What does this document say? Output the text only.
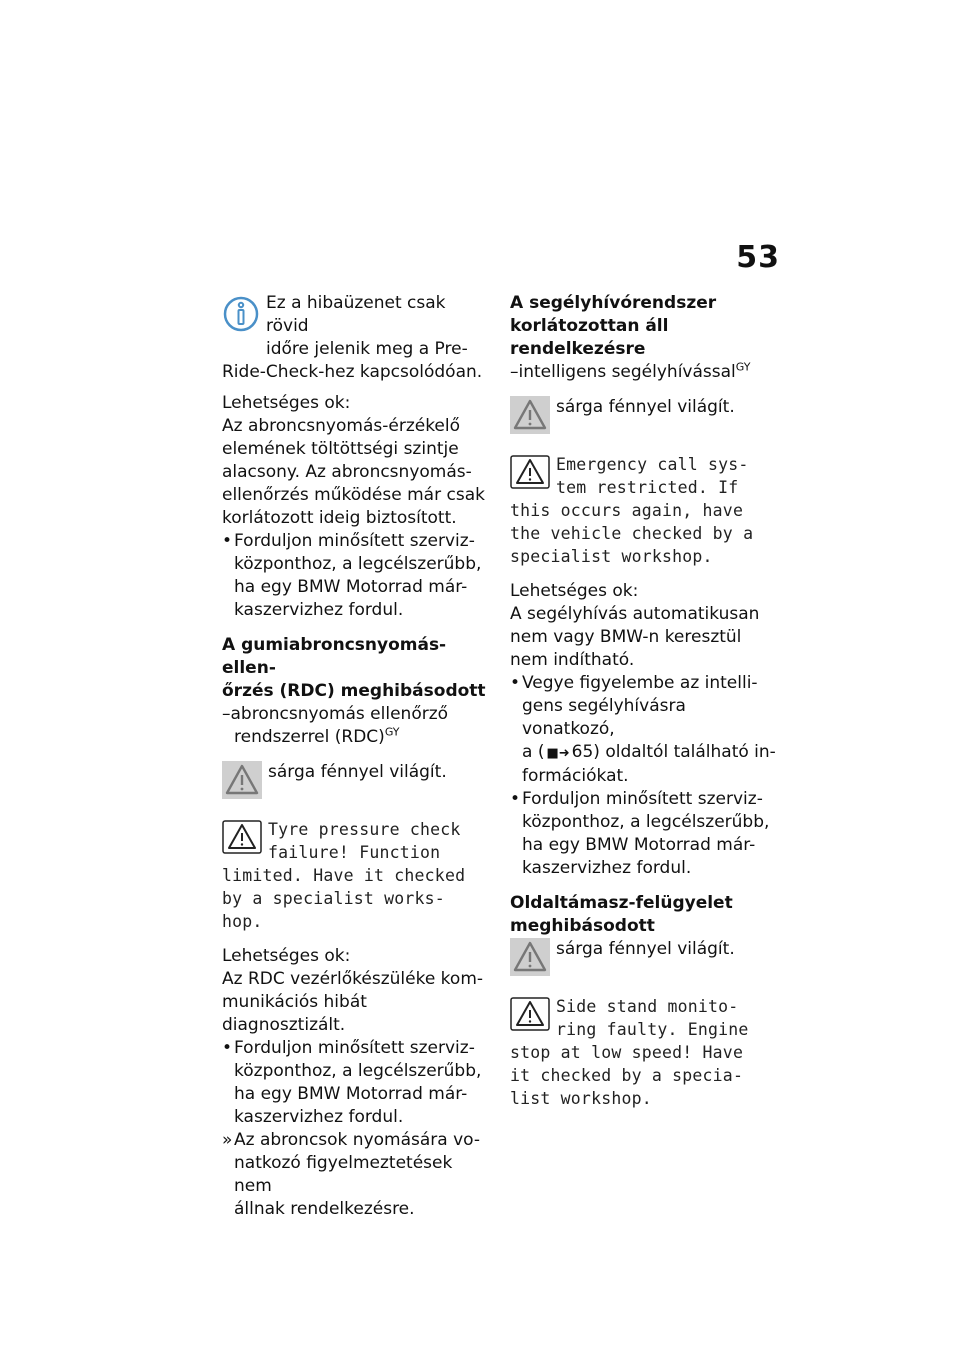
53

Ez a hibaüzenet csak rövid

időre jelenik meg a Pre-

Ride-Check-hez kapcsolódóan.

Lehetséges ok:

Az abroncsnyomás-érzékelő

elemének töltöttségi szintje

alacsony. Az abroncsnyomás-

ellenőrzés működése már csak

korlátozott ideig biztosított.

• Forduljon minősített szerviz-

központhoz, a legcélszerűbb,

ha egy BMW Motorrad már-

kaszervizhez fordul.

A gumiabroncsnyomás-ellen-

őrzés (RDC) meghibásodott

–abroncsnyomás ellenőrző

rendszerrel (RDC)$^{GY}$

sárga fénnyel világít.

Tyre pressure check

failure! Function

limited. Have it checked

by a specialist works-

hop.

Lehetséges ok:

Az RDC vezérlőkészüléke kom-

munikációs hibát diagnosztizált.

• Forduljon minősített szerviz-

központhoz, a legcélszerűbb,

ha egy BMW Motorrad már-

kaszervizhez fordul.

» Az abroncsok nyomására vo-

natkozó figyelmeztetések nem

állnak rendelkezésre.

A segélyhívórendszer

korlátozottan áll

rendelkezésre

–intelligens segélyhívással$^{GY}$

sárga fénnyel világít.

Emergency call sys-

tem restricted. If

this occurs again, have

the vehicle checked by a

specialist workshop.

Lehetséges ok:

A segélyhívás automatikusan

nem vagy BMW-n keresztül

nem indítható.

• Vegye figyelembe az intelli-

gens segélyhívásra vonatkozó,

a ( ■➜ 65) oldaltól található in-

formációkat.

• Forduljon minősített szerviz-

központhoz, a legcélszerűbb,

ha egy BMW Motorrad már-

kaszervizhez fordul.

Oldaltámasz-felügyelet

meghibásodott

sárga fénnyel világít.

Side stand monito-

ring faulty. Engine

stop at low speed! Have

it checked by a specia-

list workshop.
